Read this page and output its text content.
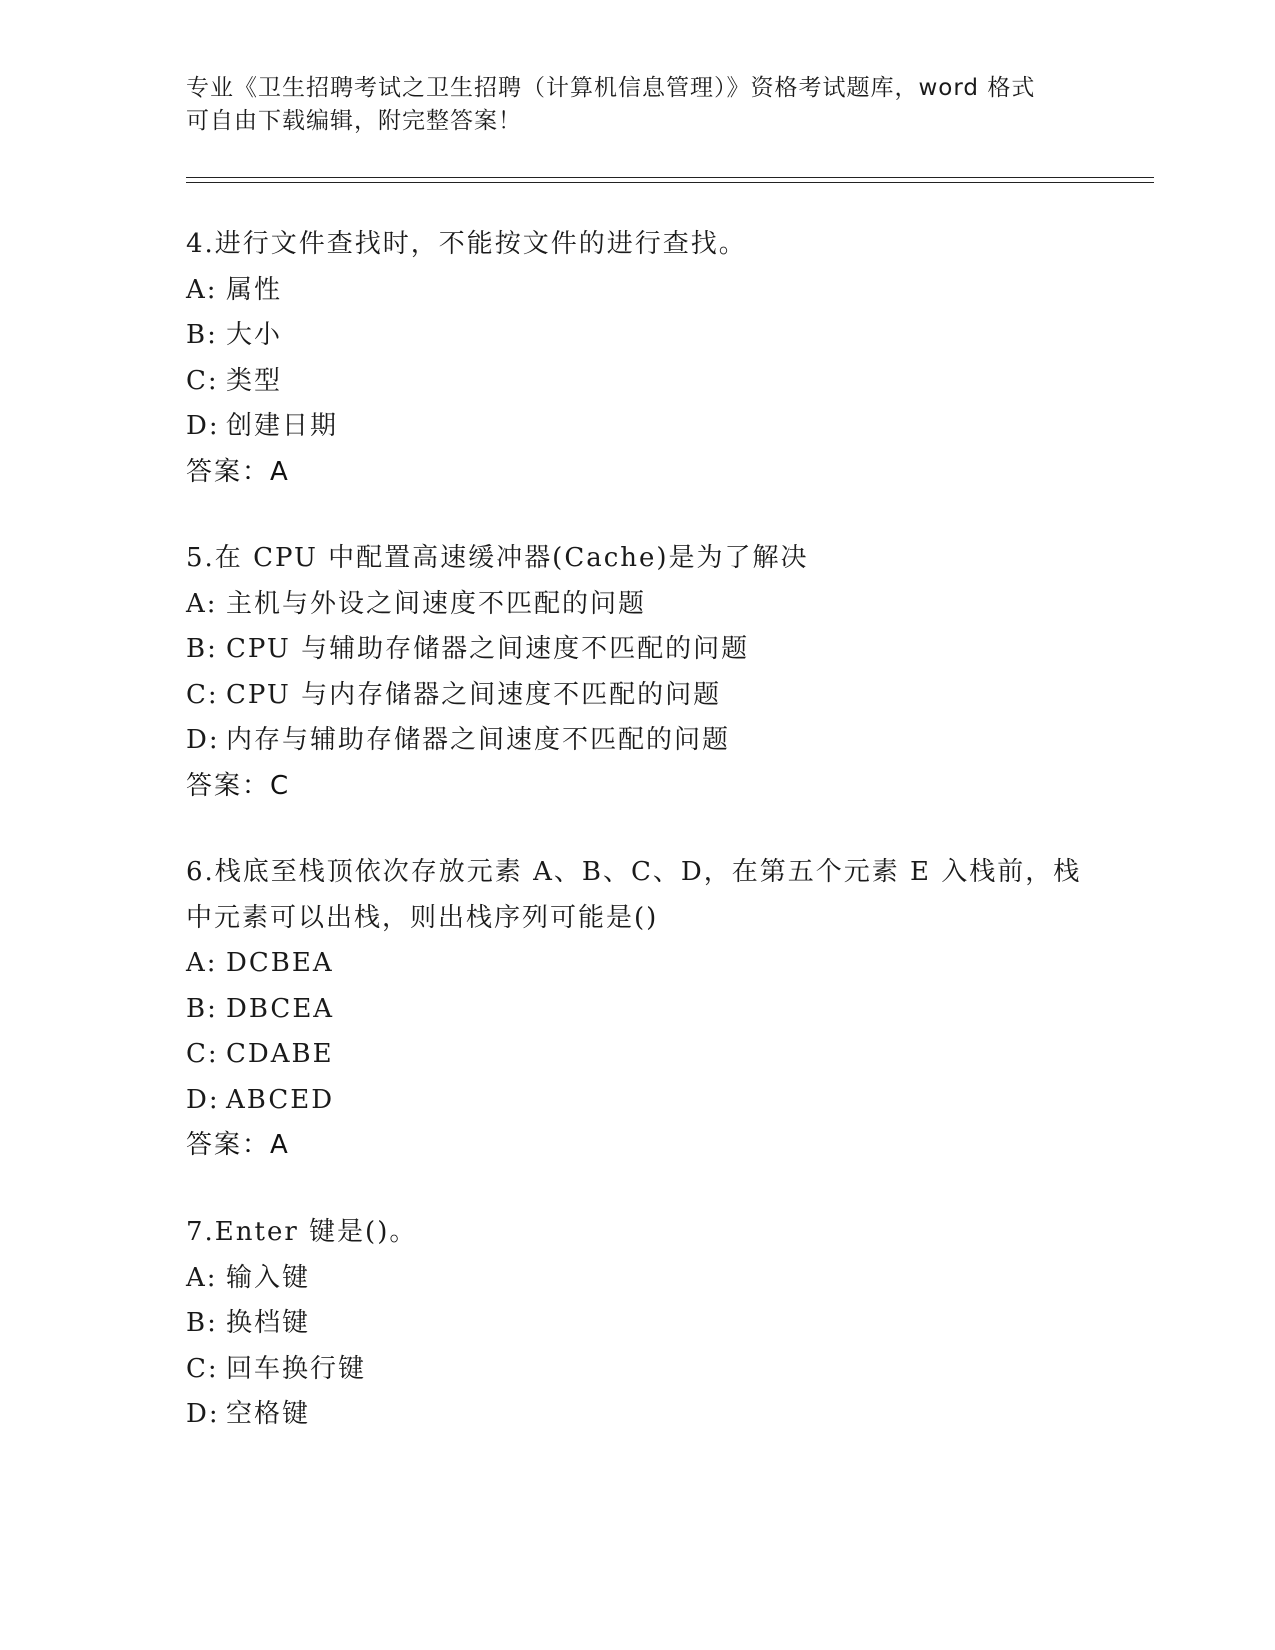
专业《卫生招聘考试之卫生招聘（计算机信息管理）》资格考试题库，word 格式
可自由下载编辑，附完整答案！
4.进行文件查找时，不能按文件的进行查找。
A: 属性
B: 大小
C: 类型
D: 创建日期
答案：A
5.在 CPU 中配置高速缓冲器(Cache)是为了解决
A: 主机与外设之间速度不匹配的问题
B: CPU 与辅助存储器之间速度不匹配的问题
C: CPU 与内存储器之间速度不匹配的问题
D: 内存与辅助存储器之间速度不匹配的问题
答案：C
6.栈底至栈顶依次存放元素 A、B、C、D，在第五个元素 E 入栈前，栈
中元素可以出栈，则出栈序列可能是()
A: DCBEA
B: DBCEA
C: CDABE
D: ABCED
答案：A
7.Enter 键是()。
A: 输入键
B: 换档键
C: 回车换行键
D: 空格键
